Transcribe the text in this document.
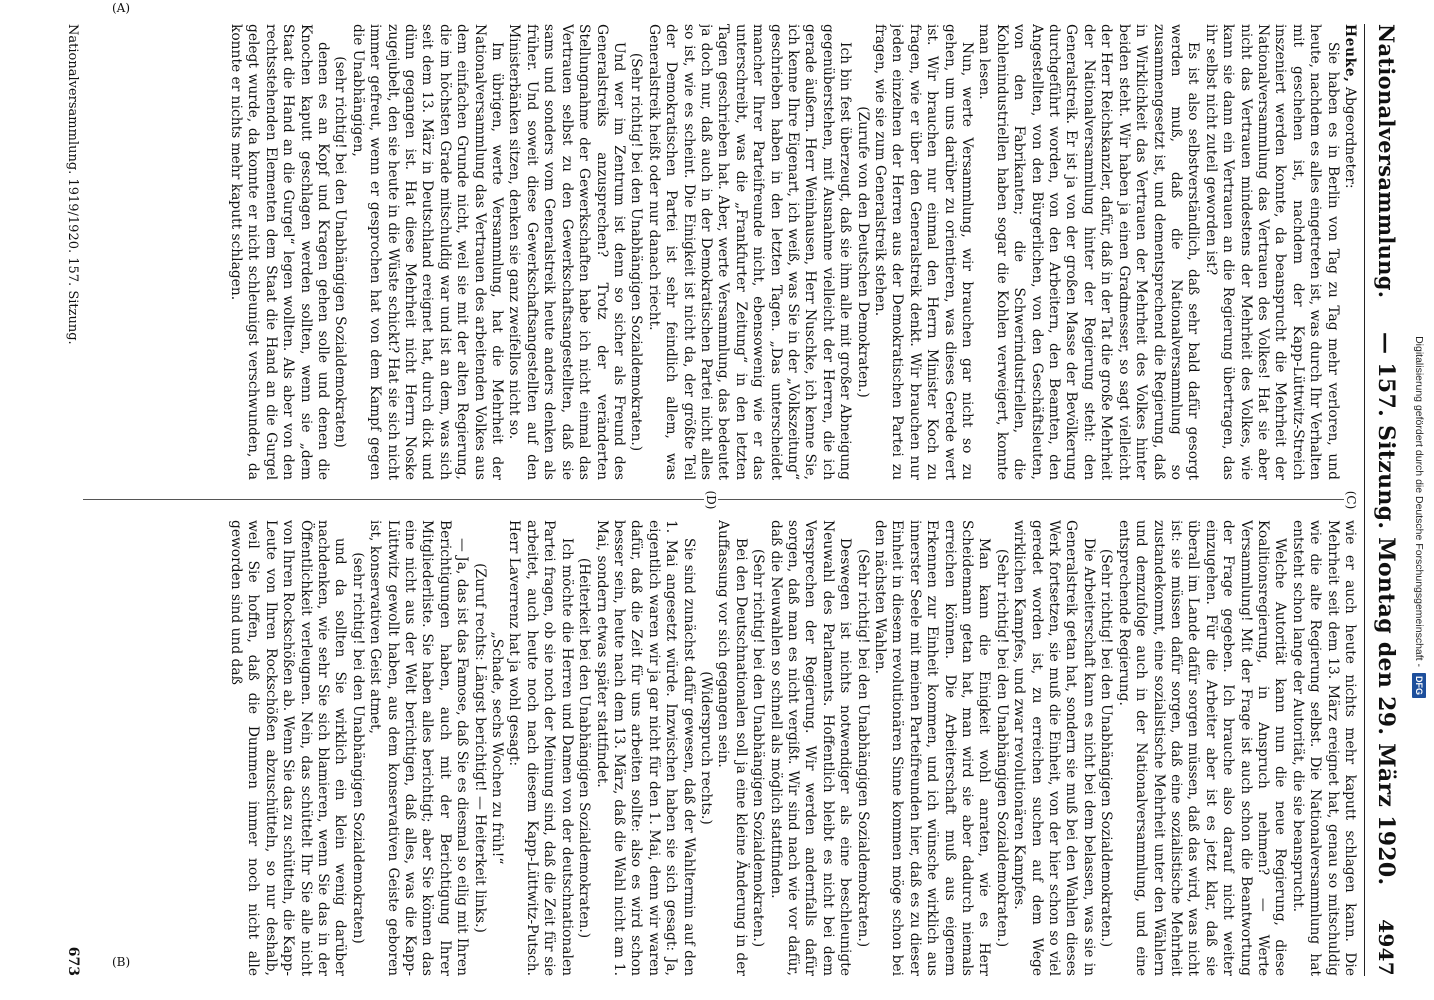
Nationalversammlung.
— 157. Sitzung. Montag den 29. März 1920.
4947

Heuke, Abgeordneter:

Sie haben es in Berlin von Tag zu Tag mehr verloren, und heute, nachdem es alles eingetreten ist, was durch Ihr Verhalten mit geschehen ist, nachdem der Kapp-Lüttwitz-Streich inszeniert werden konnte, da beansprucht die Mehrheit der Nationalversammlung das Vertrauen des Volkes! Hat sie aber nicht das Vertrauen mindestens der Mehrheit des Volkes, wie kann sie dann ein Vertrauen an die Regierung übertragen, das ihr selbst nicht zuteil geworden ist?

Es ist also selbstverständlich, daß sehr bald dafür gesorgt werden muß, daß die Nationalversammlung so zusammengesetzt ist, und dementsprechend die Regierung, daß in Wirklichkeit das Vertrauen der Mehrheit des Volkes hinter beiden steht. Wir haben ja einen Gradmesser, so sagt vielleicht der Herr Reichskanzler, dafür, daß in der Tat die große Mehrheit der Nationalversammlung hinter der Regierung steht: den Generalstreik. Er ist ja von der großen Masse der Bevölkerung durchgeführt worden, von den Arbeitern, den Beamten, den Angestellten, von den Bürgerlichen, von den Geschäftsleuten, von den Fabrikanten; die Schwerindustriellen, die Kohlenindustriellen haben sogar die Kohlen verweigert, konnte man lesen.

Nun, werte Versammlung, wir brauchen gar nicht so zu gehen, um uns darüber zu orientieren, was dieses Gerede wert ist. Wir brauchen nur einmal den Herrn Minister Koch zu fragen, wie er über den Generalstreik denkt. Wir brauchen nur jeden einzelnen der Herren aus der Demokratischen Partei zu fragen, wie sie zum Generalstreik stehen.

(Zurufe von den Deutschen Demokraten.)

Ich bin fest überzeugt, daß sie ihm alle mit großer Abneigung gegenüberstehen, mit Ausnahme vielleicht der Herren, die ich gerade äußern. Herr Weinhausen, Herr Nuschke, ich kenne Sie, ich kenne Ihre Eigenart, ich weiß, was Sie in der „Volkszeitung“ geschrieben haben in den letzten Tagen. „Das unterscheidet mancher Ihrer Parteifreunde nicht, ebensowenig wie er das unterschreibt, was die „Frankfurter Zeitung“ in den letzten Tagen geschrieben hat. Aber, werte Versammlung, das bedeutet ja doch nur, daß auch in der Demokratischen Partei nicht alles so ist, wie es scheint. Die Einigkeit ist nicht da, der größte Teil der Demokratischen Partei ist sehr feindlich allem, was Generalstreik heißt oder nur danach riecht.

(Sehr richtig! bei den Unabhängigen Sozialdemokraten.)

Und wer im Zentrum ist denn so sicher als Freund des Generalstreiks anzusprechen? Trotz der veränderten Stellungnahme der Gewerkschaften habe ich nicht einmal das Vertrauen selbst zu den Gewerkschaftsangestellten, daß sie sams und sonders vom Generalstreik heute anders denken als früher. Und soweit diese Gewerkschaftsangestellten auf den Ministerbänken sitzen, denken sie ganz zweifellos nicht so.

Im übrigen, werte Versammlung, hat die Mehrheit der Nationalversammlung das Vertrauen des arbeitenden Volkes aus dem einfachen Grunde nicht, weil sie mit der alten Regierung, die im höchsten Grade mitschuldig war und ist an dem, was sich seit dem 13. März in Deutschland ereignet hat, durch dick und dünn gegangen ist. Hat diese Mehrheit nicht Herrn Noske zugejubelt, den sie heute in die Wüste schickt? Hat sie sich nicht immer gefreut, wenn er gesprochen hat von dem Kampf gegen die Unabhängigen,

(sehr richtig! bei den Unabhängigen Sozialdemokraten)

denen es an Kopf und Kragen gehen solle und denen die Knochen kaputt geschlagen werden sollten, wenn sie „dem Staat die Hand an die Gurgel“ legen wollten. Als aber von den rechtsstehenden Elementen dem Staat die Hand an die Gurgel gelegt wurde, da konnte er nicht schleunigst verschwunden, da konnte er nichts mehr kaputt schlagen.

(C)
(D)

wie er auch heute nichts mehr kaputt schlagen kann. Die Mehrheit seit dem 13. März ereignet hat, genau so mitschuldig wie die alte Regierung selbst. Die Nationalversammlung hat entsteht schon lange der Autorität, die sie beansprucht.

Welche Autorität kann nun die neue Regierung, diese Koalitionsregierung, in Anspruch nehmen? — Werte Versammlung! Mit der Frage ist auch schon die Beantwortung der Frage gegeben. Ich brauche also darauf nicht weiter einzugehen. Für die Arbeiter aber ist es jetzt klar, daß sie überall im Lande dafür sorgen müssen, daß das wird, was nicht ist: sie müssen dafür sorgen, daß eine sozialistische Mehrheit zustandekommt, eine sozialistische Mehrheit unter den Wählern und demzufolge auch in der Nationalversammlung, und eine entsprechende Regierung.

(Sehr richtig! bei den Unabhängigen Sozialdemokraten.)

Die Arbeiterschaft kann es nicht bei dem belassen, was sie in Generalstreik getan hat, sondern sie muß bei den Wahlen dieses Werk fortsetzen, sie muß die Einheit, von der hier schon so viel geredet worden ist, zu erreichen suchen auf dem Wege wirklichen Kampfes, und zwar revolutionären Kampfes.

(Sehr richtig! bei den Unabhängigen Sozialdemokraten.)

Man kann die Einigkeit wohl anraten, wie es Herr Scheidemann getan hat, man wird sie aber dadurch niemals erreichen können. Die Arbeiterschaft muß aus eigenem Erkennen zur Einheit kommen, und ich wünsche wirklich aus innerster Seele mit meinen Parteifreunden hier, daß es zu dieser Einheit in diesem revolutionären Sinne kommen möge schon bei den nächsten Wahlen.

(Sehr richtig! bei den Unabhängigen Sozialdemokraten.)

Deswegen ist nichts notwendiger als eine beschleunigte Neuwahl des Parlaments. Hoffentlich bleibt es nicht bei dem Versprechen der Regierung. Wir werden andernfalls dafür sorgen, daß man es nicht vergißt. Wir sind nach wie vor dafür, daß die Neuwahlen so schnell als möglich stattfinden.

(Sehr richtig! bei den Unabhängigen Sozialdemokraten.)

Bei den Deutschnationalen soll ja eine kleine Änderung in der Auffassung vor sich gegangen sein.

(Widerspruch rechts.)

Sie sind zunächst dafür gewesen, daß der Wahltermin auf den 1. Mai angesetzt würde. Inzwischen haben sie sich gesagt: Ja, eigentlich waren wir ja gar nicht für den 1. Mai, denn wir waren dafür, daß die Zeit für uns arbeiten sollte: also es wird schon besser sein, heute nach dem 13. März, daß die Wahl nicht am 1. Mai, sondern etwas später stattfindet.

(Heiterkeit bei den Unabhängigen Sozialdemokraten.)

Ich möchte die Herren und Damen von der deutschnationalen Partei fragen, ob sie noch der Meinung sind, daß die Zeit für sie arbeitet, auch heute noch nach diesem Kapp-Lüttwitz-Putsch. Herr Laverrenz hat ja wohl gesagt:

„Schade, sechs Wochen zu früh!“

(Zuruf rechts: Längst berichtigt! — Heiterkeit links.)

— Ja, das ist das Famose, daß Sie es diesmal so eilig mit Ihren Berichtigungen haben, auch mit der Berichtigung Ihrer Mitgliederliste. Sie haben alles berichtigt; aber Sie können das eine nicht aus der Welt berichtigen, daß alles, was die Kapp-Lüttwitz gewollt haben, aus dem konservativen Geiste geboren ist, konservativen Geist atmet,

(sehr richtig! bei den Unabhängigen Sozialdemokraten)

und da sollten Sie wirklich ein klein wenig darüber nachdenken, wie sehr Sie sich blamieren, wenn Sie das in der Öffentlichkeit verleugnen. Nein, das schüttelt Ihr Sie alle nicht von Ihren Rockschößen ab. Wenn Sie das zu schütteln, die Kapp-Leute von Ihren Rockschößen abzuschütteln, so nur deshalb, weil Sie hoffen, daß die Dummen immer noch nicht alle geworden sind und daß

Nationalversammlung. 1919/1920. 157. Sitzung.
673
(A)
(B)
Digitalisierung gefördert durch die Deutsche Forschungsgemeinschaft -
DFG
